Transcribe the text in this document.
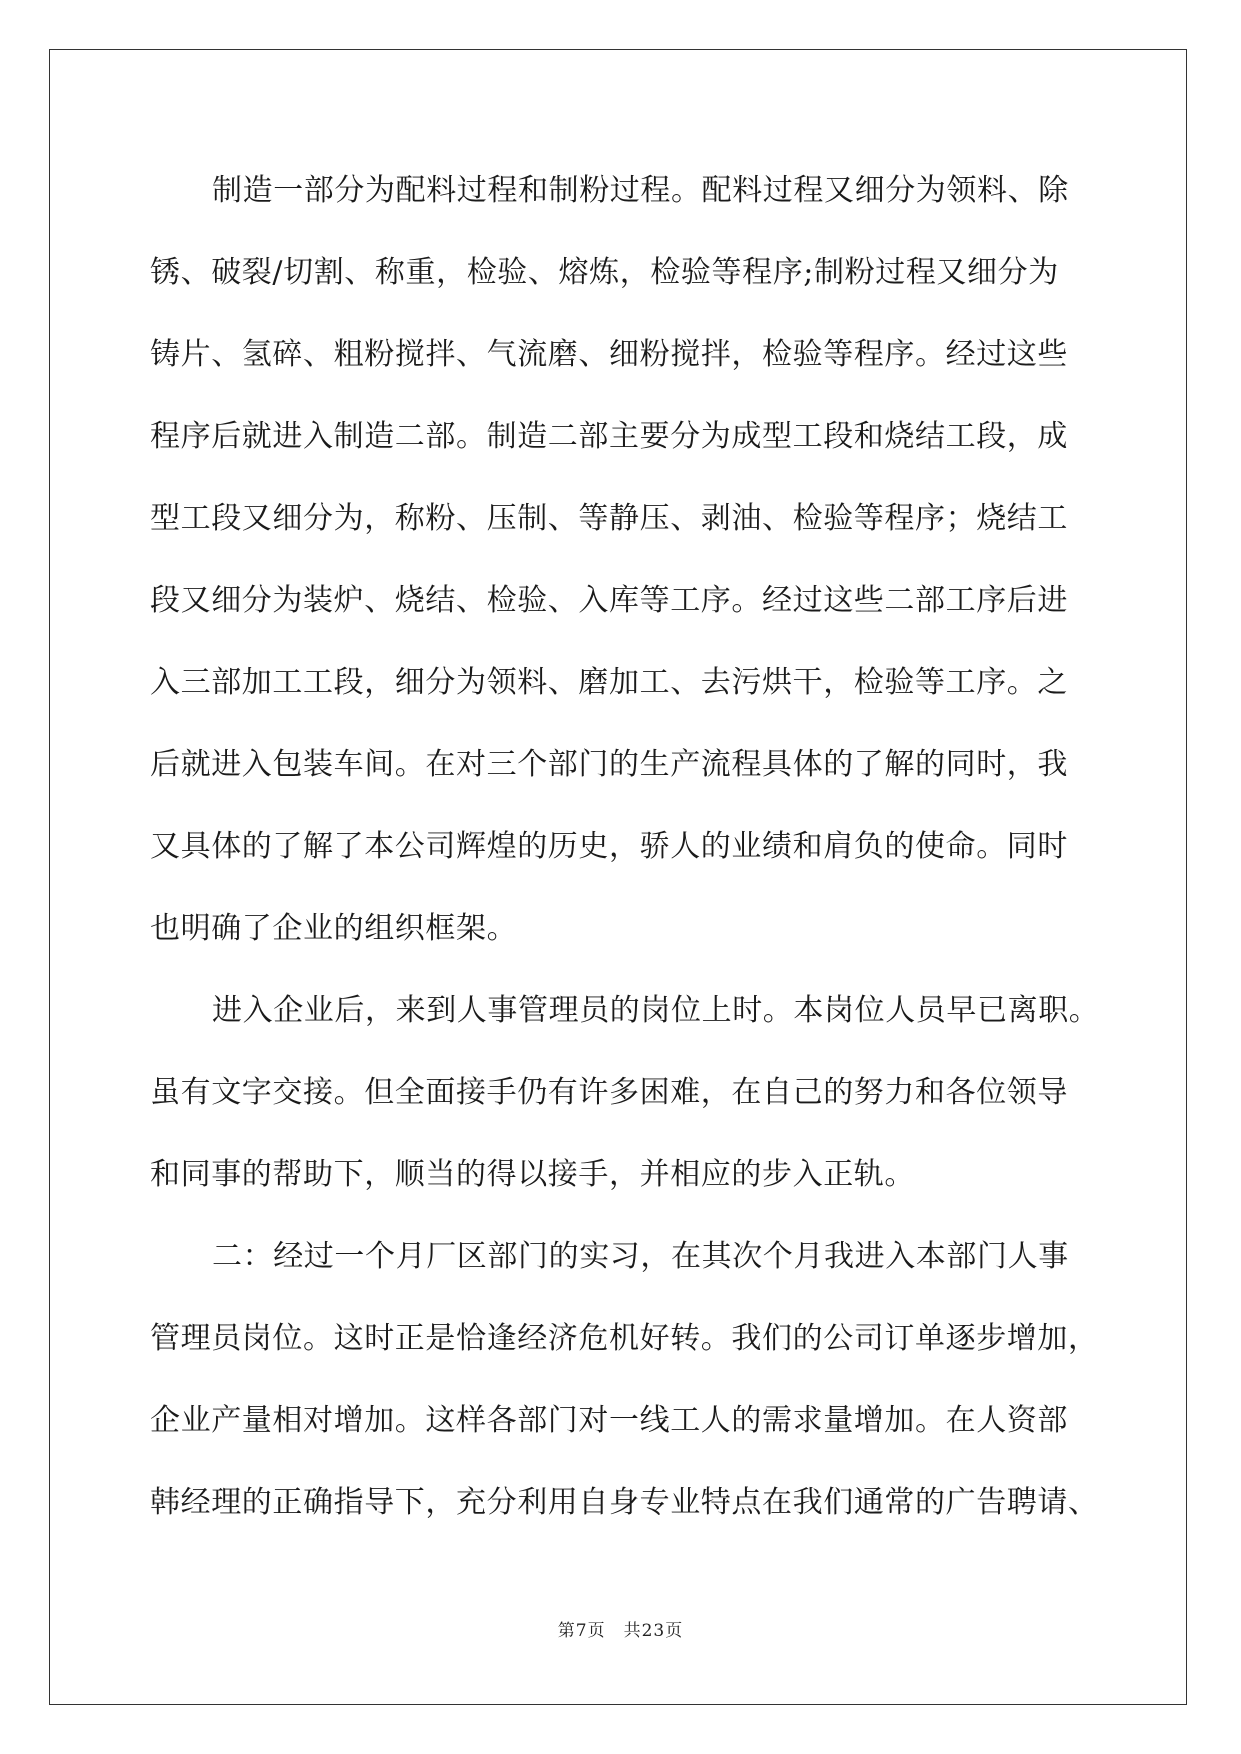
制造一部分为配料过程和制粉过程。配料过程又细分为领料、除
锈、破裂/切割、称重，检验、熔炼，检验等程序;制粉过程又细分为
铸片、氢碎、粗粉搅拌、气流磨、细粉搅拌，检验等程序。经过这些
程序后就进入制造二部。制造二部主要分为成型工段和烧结工段，成
型工段又细分为，称粉、压制、等静压、剥油、检验等程序；烧结工
段又细分为装炉、烧结、检验、入库等工序。经过这些二部工序后进
入三部加工工段，细分为领料、磨加工、去污烘干，检验等工序。之
后就进入包装车间。在对三个部门的生产流程具体的了解的同时，我
又具体的了解了本公司辉煌的历史，骄人的业绩和肩负的使命。同时
也明确了企业的组织框架。
进入企业后，来到人事管理员的岗位上时。本岗位人员早已离职。
虽有文字交接。但全面接手仍有许多困难，在自己的努力和各位领导
和同事的帮助下，顺当的得以接手，并相应的步入正轨。
二：经过一个月厂区部门的实习，在其次个月我进入本部门人事
管理员岗位。这时正是恰逢经济危机好转。我们的公司订单逐步增加，
企业产量相对增加。这样各部门对一线工人的需求量增加。在人资部
韩经理的正确指导下，充分利用自身专业特点在我们通常的广告聘请、
第7页　共23页
